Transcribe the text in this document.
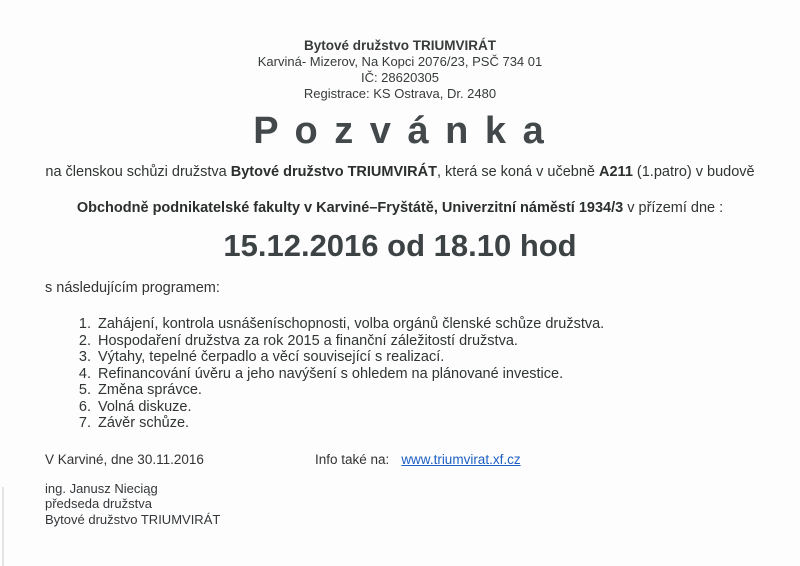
Bytové družstvo TRIUMVIRÁT
Karviná- Mizerov, Na Kopci 2076/23, PSČ 734 01
IČ: 28620305
Registrace: KS Ostrava, Dr. 2480
P o z v á n k a
na členskou schůzi družstva Bytové družstvo TRIUMVIRÁT, která se koná v učebně A211 (1.patro) v budově
Obchodně podnikatelské fakulty v Karviné–Fryštátě, Univerzitní náměstí 1934/3 v přízemí dne :
15.12.2016 od 18.10 hod
s následujícím programem:
1. Zahájení, kontrola usnášeníschopnosti, volba orgánů členské schůze družstva.
2. Hospodaření družstva za rok 2015 a finanční záležitostí družstva.
3. Výtahy, tepelné čerpadlo a věcí související s realizací.
4. Refinancování úvěru a jeho navýšení s ohledem na plánované investice.
5. Změna správce.
6. Volná diskuze.
7. Závěr schůze.
V Karviné, dne 30.11.2016	Info také na: www.triumvirat.xf.cz
ing. Janusz Nieciąg
předseda družstva
Bytové družstvo TRIUMVIRÁT
